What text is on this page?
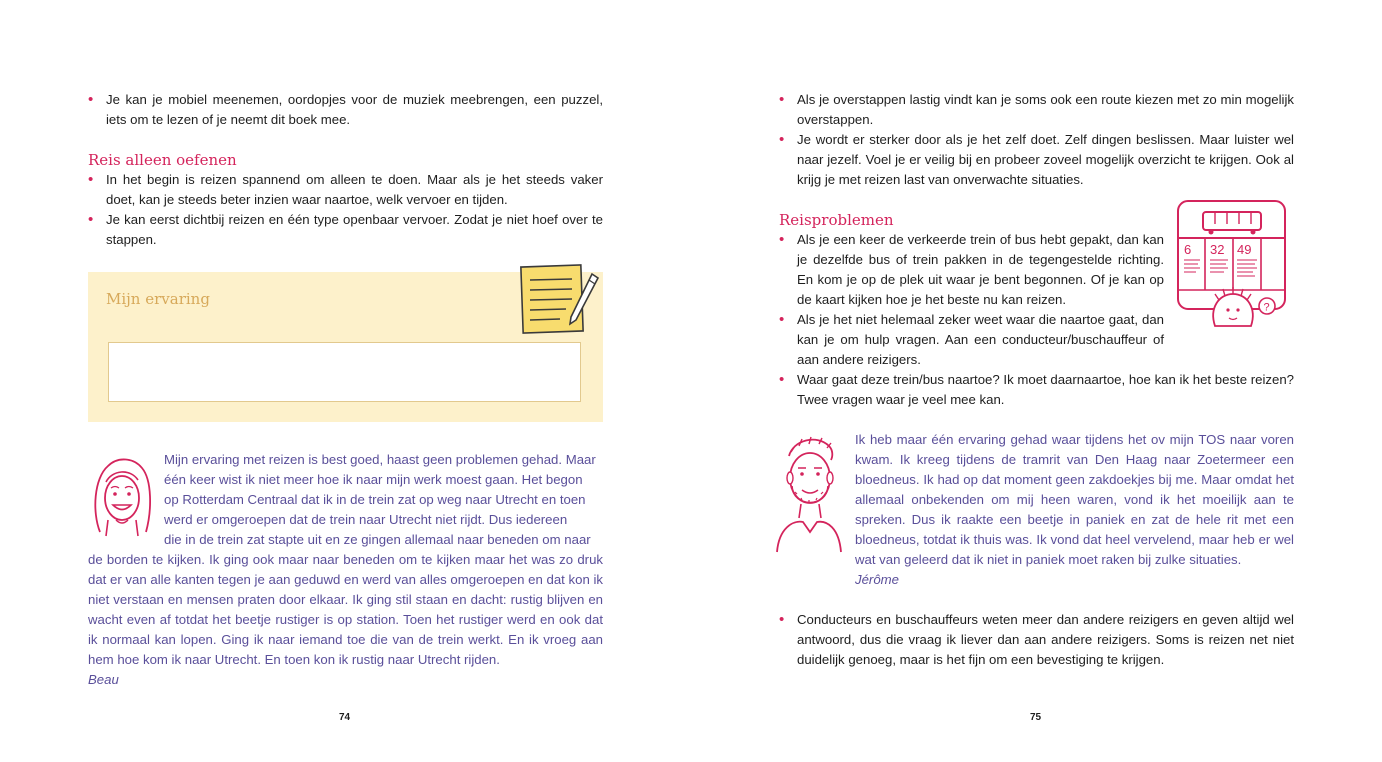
• Je kan je mobiel meenemen, oordopjes voor de muziek meebrengen, een puzzel, iets om te lezen of je neemt dit boek mee.
Reis alleen oefenen
• In het begin is reizen spannend om alleen te doen. Maar als je het steeds vaker doet, kan je steeds beter inzien waar naartoe, welk vervoer en tijden.
• Je kan eerst dichtbij reizen en één type openbaar vervoer. Zodat je niet hoef over te stappen.
Mijn ervaring
Mijn ervaring met reizen is best goed, haast geen problemen gehad. Maar
één keer wist ik niet meer hoe ik naar mijn werk moest gaan. Het begon
op Rotterdam Centraal dat ik in de trein zat op weg naar Utrecht en toen
werd er omgeroepen dat de trein naar Utrecht niet rijdt. Dus iedereen
die in de trein zat stapte uit en ze gingen allemaal naar beneden om naar
de borden te kijken. Ik ging ook maar naar beneden om te kijken maar het was zo druk dat er van alle kanten tegen je aan geduwd en werd van alles omgeroepen en dat kon ik niet verstaan en mensen praten door elkaar. Ik ging stil staan en dacht: rustig blijven en wacht even af totdat het beetje rustiger is op station. Toen het rustiger werd en ook dat ik normaal kan lopen. Ging ik naar iemand toe die van de trein werkt. En ik vroeg aan hem hoe kom ik naar Utrecht. En toen kon ik rustig naar Utrecht rijden.
Beau
74
• Als je overstappen lastig vindt kan je soms ook een route kiezen met zo min mogelijk overstappen.
• Je wordt er sterker door als je het zelf doet. Zelf dingen beslissen. Maar luister wel naar jezelf. Voel je er veilig bij en probeer zoveel mogelijk overzicht te krijgen. Ook al krijg je met reizen last van onverwachte situaties.
Reisproblemen
• Als je een keer de verkeerde trein of bus hebt gepakt, dan kan je dezelfde bus of trein pakken in de tegengestelde richting. En kom je op de plek uit waar je bent begonnen. Of je kan op de kaart kijken hoe je het beste nu kan reizen.
• Als je het niet helemaal zeker weet waar die naartoe gaat, dan kan je om hulp vragen. Aan een conducteur/buschauffeur of aan andere reizigers.
• Waar gaat deze trein/bus naartoe? Ik moet daarnaartoe, hoe kan ik het beste reizen? Twee vragen waar je veel mee kan.
6 32 49
?
Ik heb maar één ervaring gehad waar tijdens het ov mijn TOS naar voren kwam. Ik kreeg tijdens de tramrit van Den Haag naar Zoetermeer een bloedneus. Ik had op dat moment geen zakdoekjes bij me. Maar omdat het allemaal onbekenden om mij heen waren, vond ik het moeilijk aan te spreken. Dus ik raakte een beetje in paniek en zat de hele rit met een bloedneus, totdat ik thuis was. Ik vond dat heel vervelend, maar heb er wel wat van geleerd dat ik niet in paniek moet raken bij zulke situaties.
Jérôme
• Conducteurs en buschauffeurs weten meer dan andere reizigers en geven altijd wel antwoord, dus die vraag ik liever dan aan andere reizigers. Soms is reizen net niet duidelijk genoeg, maar is het fijn om een bevestiging te krijgen.
75
